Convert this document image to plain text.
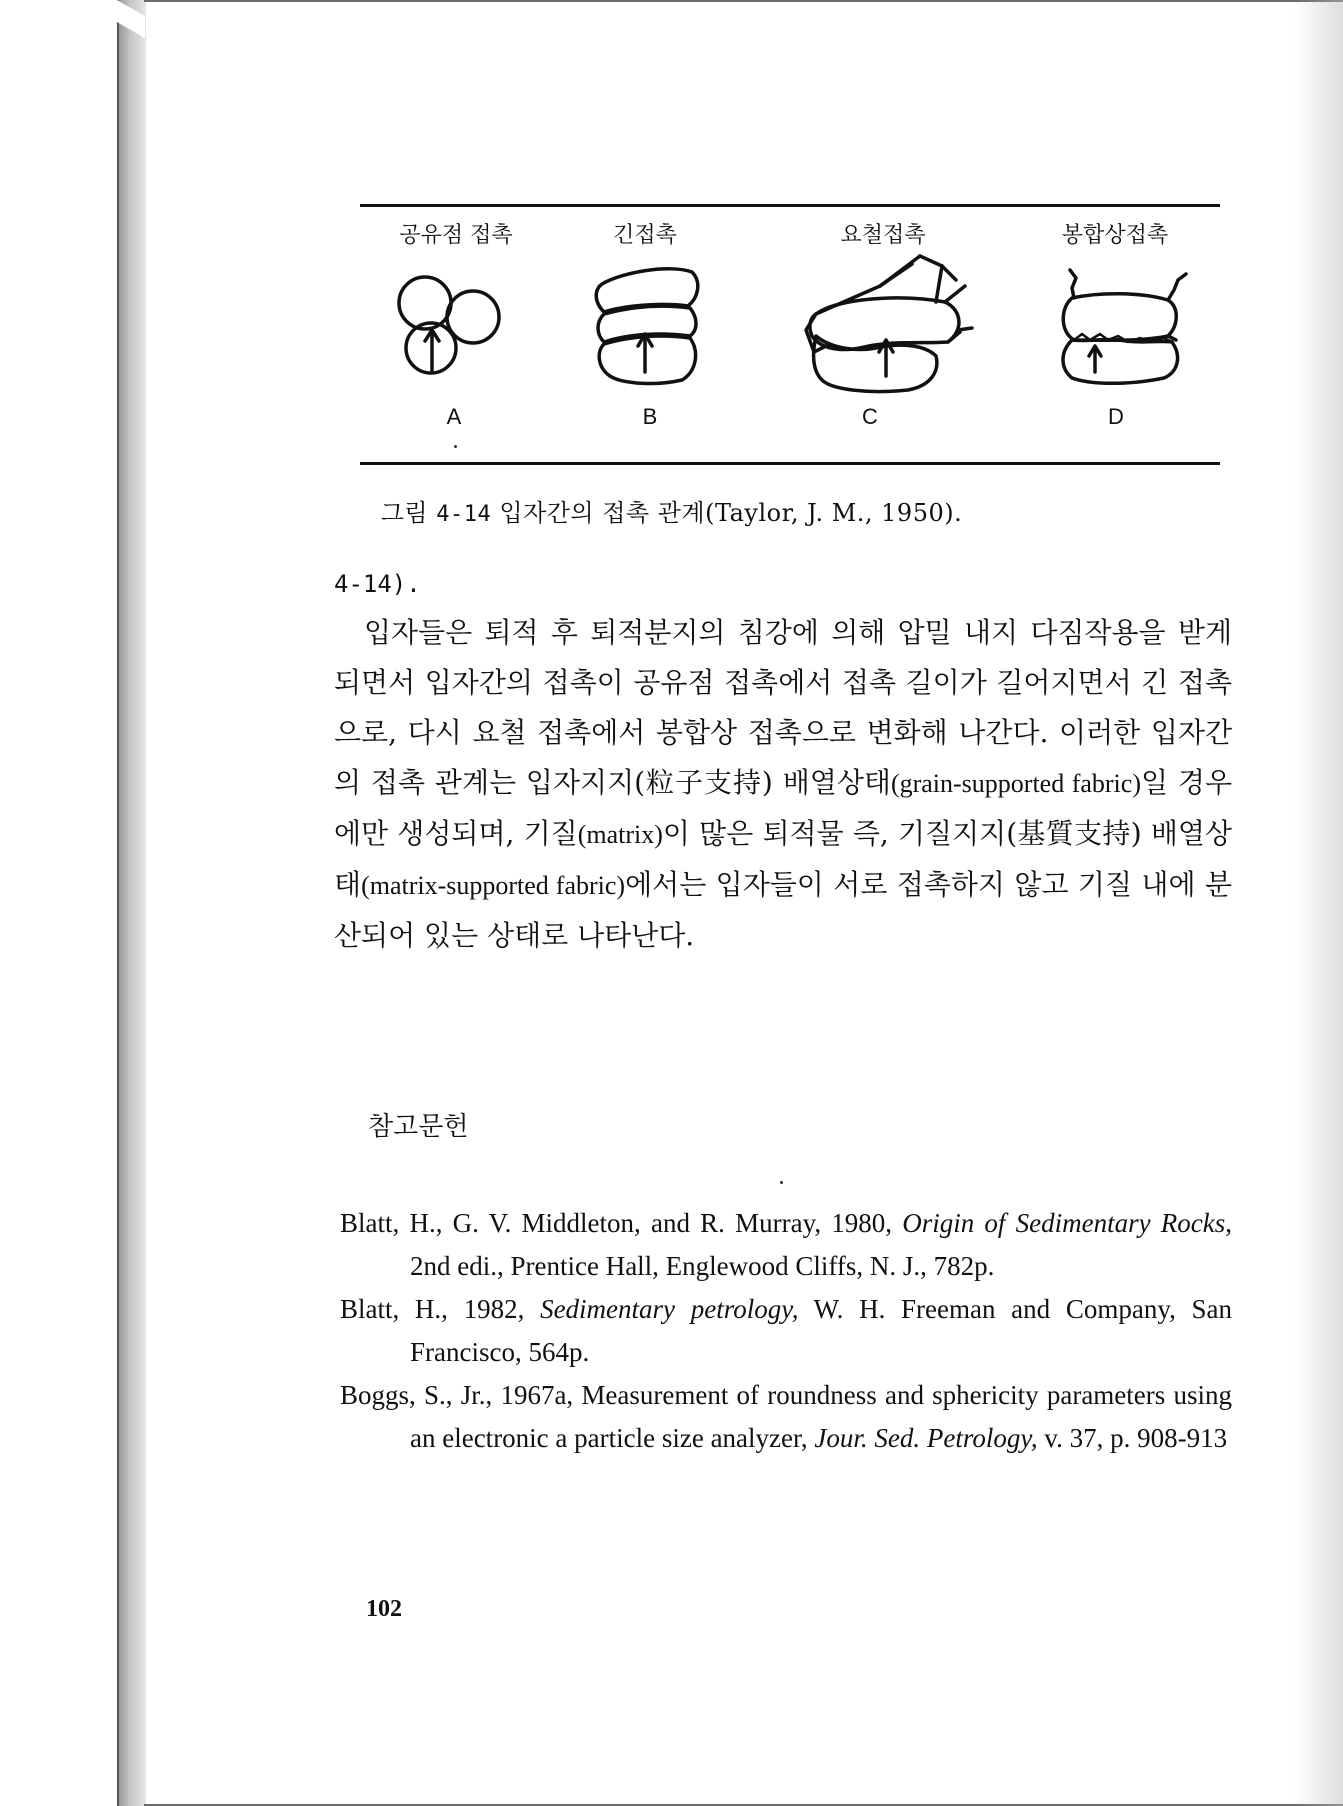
공유점 접촉	긴접촉	요철접촉	봉합상접촉
A	B	C	D
그림 4-14 입자간의 접촉 관계(Taylor, J. M., 1950).
4-14).
입자들은 퇴적 후 퇴적분지의 침강에 의해 압밀 내지 다짐작용을 받게 되면서 입자간의 접촉이 공유점 접촉에서 접촉 길이가 길어지면서 긴 접촉으로, 다시 요철 접촉에서 봉합상 접촉으로 변화해 나간다. 이러한 입자간의 접촉 관계는 입자지지(粒子支持) 배열상태(grain-supported fabric)일 경우에만 생성되며, 기질(matrix)이 많은 퇴적물 즉, 기질지지(基質支持) 배열상태(matrix-supported fabric)에서는 입자들이 서로 접촉하지 않고 기질 내에 분산되어 있는 상태로 나타난다.
참고문헌

Blatt, H., G. V. Middleton, and R. Murray, 1980, Origin of Sedimentary Rocks, 2nd edi., Prentice Hall, Englewood Cliffs, N. J., 782p.

Blatt, H., 1982, Sedimentary petrology, W. H. Freeman and Company, San Francisco, 564p.

Boggs, S., Jr., 1967a, Measurement of roundness and sphericity parameters using an electronic a particle size analyzer, Jour. Sed. Petrology, v. 37, p. 908-913

102
